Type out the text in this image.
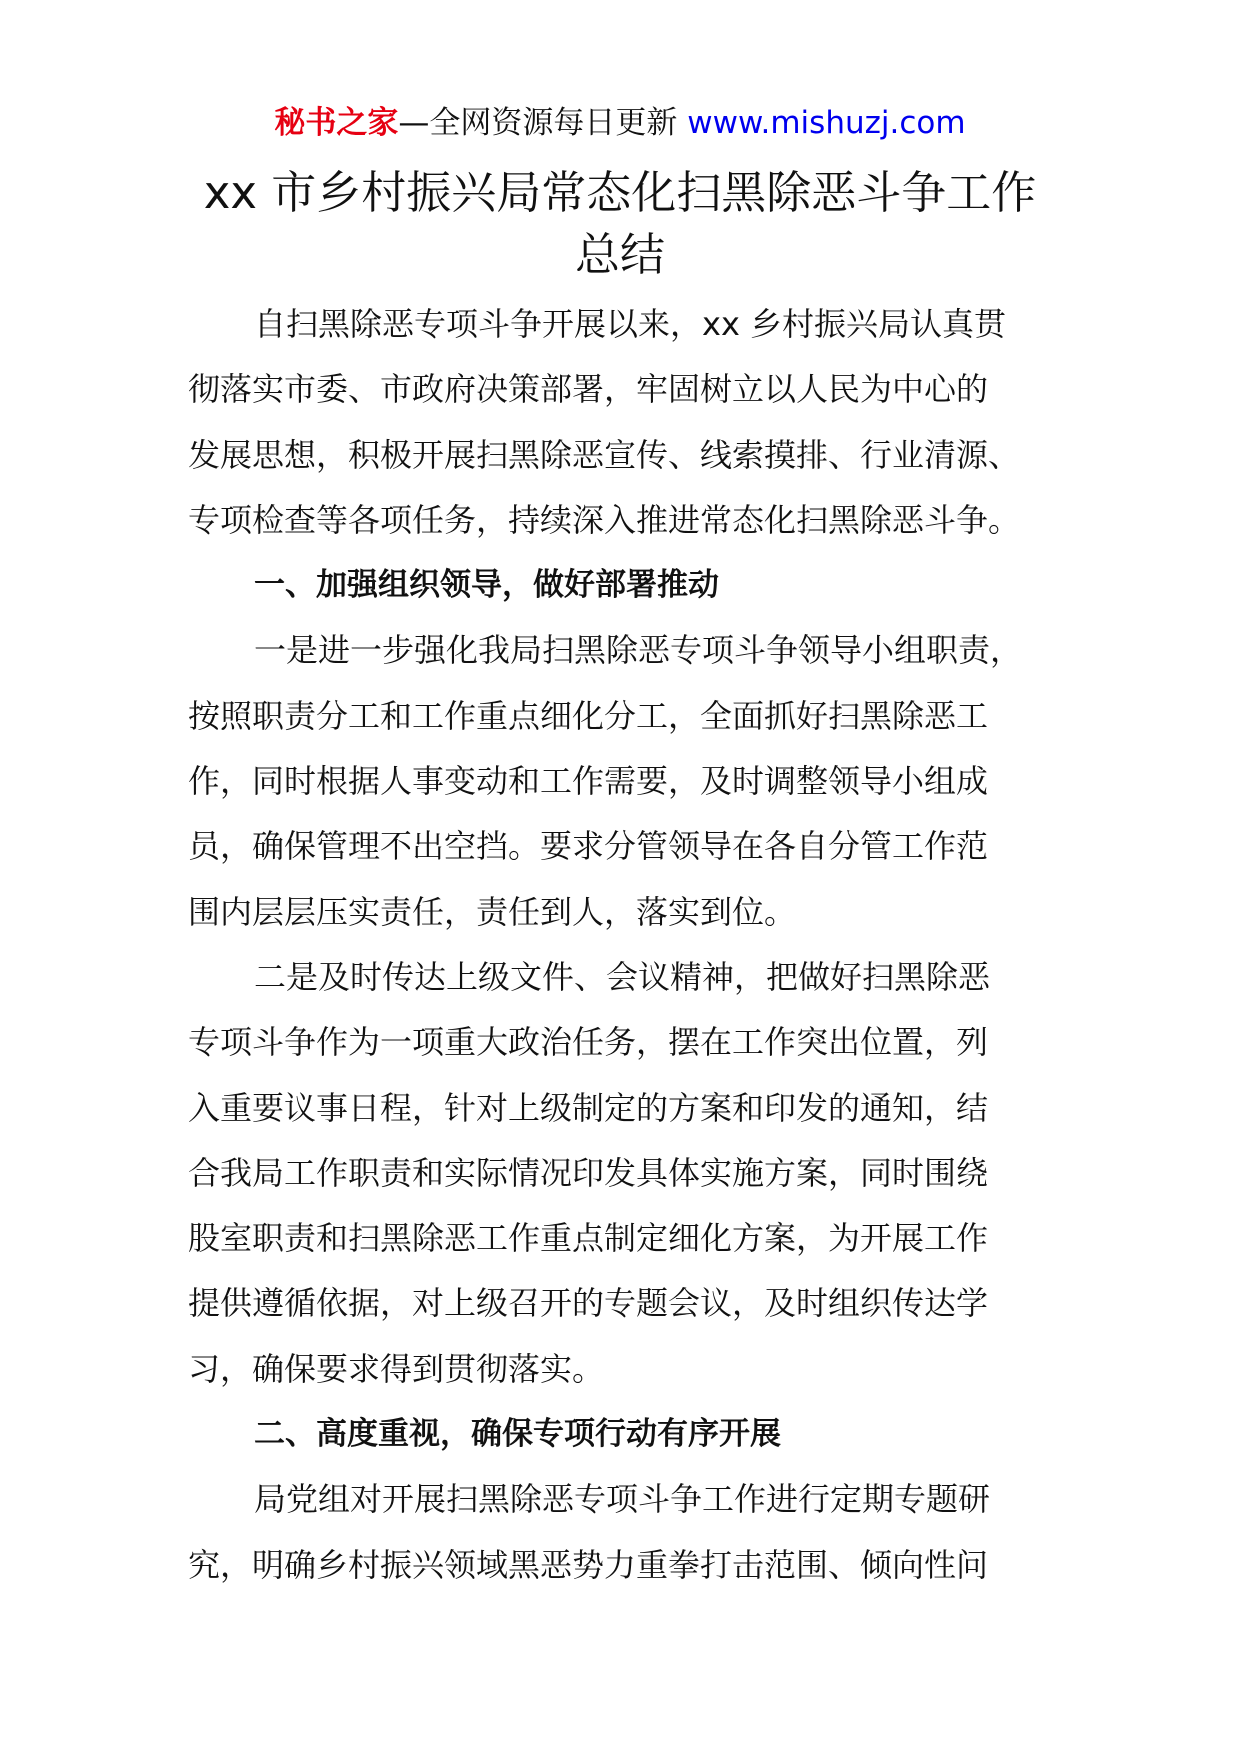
秘书之家—全网资源每日更新 www.mishuzj.com
xx 市乡村振兴局常态化扫黑除恶斗争工作
总结

自扫黑除恶专项斗争开展以来，xx 乡村振兴局认真贯

彻落实市委、市政府决策部署，牢固树立以人民为中心的

发展思想，积极开展扫黑除恶宣传、线索摸排、行业清源、

专项检查等各项任务，持续深入推进常态化扫黑除恶斗争。

一、加强组织领导，做好部署推动

一是进一步强化我局扫黑除恶专项斗争领导小组职责，

按照职责分工和工作重点细化分工，全面抓好扫黑除恶工

作，同时根据人事变动和工作需要，及时调整领导小组成

员，确保管理不出空挡。要求分管领导在各自分管工作范

围内层层压实责任，责任到人，落实到位。

二是及时传达上级文件、会议精神，把做好扫黑除恶

专项斗争作为一项重大政治任务，摆在工作突出位置，列

入重要议事日程，针对上级制定的方案和印发的通知，结

合我局工作职责和实际情况印发具体实施方案，同时围绕

股室职责和扫黑除恶工作重点制定细化方案，为开展工作

提供遵循依据，对上级召开的专题会议，及时组织传达学

习，确保要求得到贯彻落实。

二、高度重视，确保专项行动有序开展

局党组对开展扫黑除恶专项斗争工作进行定期专题研

究，明确乡村振兴领域黑恶势力重拳打击范围、倾向性问
